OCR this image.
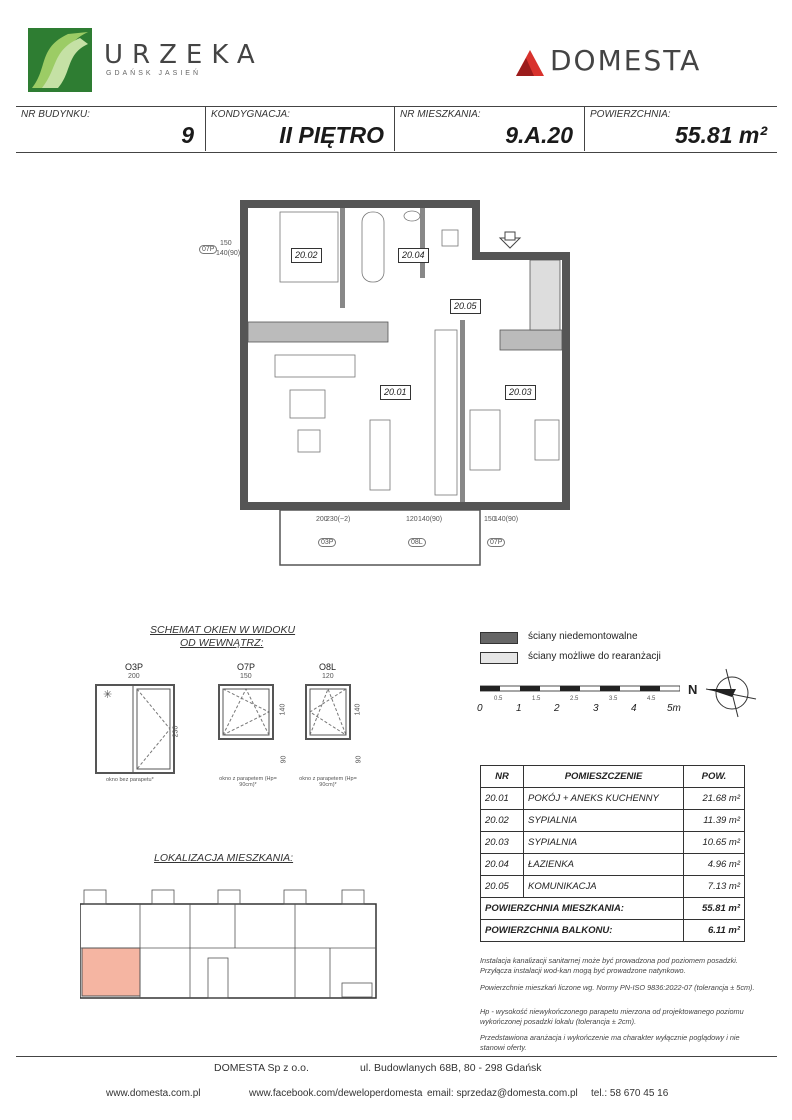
URZEKA
GDAŃSK JASIEŃ	DOMESTA
NR BUDYNKU:
9
KONDYGNACJA:
II PIĘTRO
NR MIESZKANIA:
9.A.20
POWIERZCHNIA:
55.81 m²
20.02	20.04
20.05
20.01	20.03
07P
150
140(90)
03P
200
230(~2)
08L
120 140(90)
07P
150
140(90)
SCHEMAT OKIEN W WIDOKU
OD WEWNĄTRZ:
O3P
200
✳
230
okno bez parapetu*
O7P
150
140
90
okno z parapetem (Hp= 90cm)*
O8L
120
140
90
okno z parapetem (Hp= 90cm)*
ściany niedemontowalne
ściany możliwe do rearanżacji
0	1	2	3	4	5m
0.5	1.5	2.5	3.5	4.5
N
LOKALIZACJA MIESZKANIA:
NR	POMIESZCZENIE	POW.
20.01	POKÓJ + ANEKS KUCHENNY	21.68 m²
20.02	SYPIALNIA	11.39 m²
20.03	SYPIALNIA	10.65 m²
20.04	ŁAZIENKA	4.96 m²
20.05	KOMUNIKACJA	7.13 m²
POWIERZCHNIA MIESZKANIA:		55.81 m²
POWIERZCHNIA BALKONU:		6.11 m²
Instalacja kanalizacji sanitarnej może być prowadzona pod poziomem posadzki. Przyłącza instalacji wod-kan mogą być prowadzone natynkowo.
Powierzchnie mieszkań liczone wg. Normy PN-ISO 9836:2022-07 (tolerancja ± 5cm).
Hp - wysokość niewykończonego parapetu mierzona od projektowanego poziomu wykończonej posadzki lokalu (tolerancja ± 2cm).
Przedstawiona aranżacja i wykończenie ma charakter wyłącznie poglądowy i nie stanowi oferty.
DOMESTA Sp z o.o.	ul. Budowlanych 68B, 80 - 298 Gdańsk
www.domesta.com.pl	www.facebook.com/deweloperdomesta email: sprzedaz@domesta.com.pl tel.: 58 670 45 16
